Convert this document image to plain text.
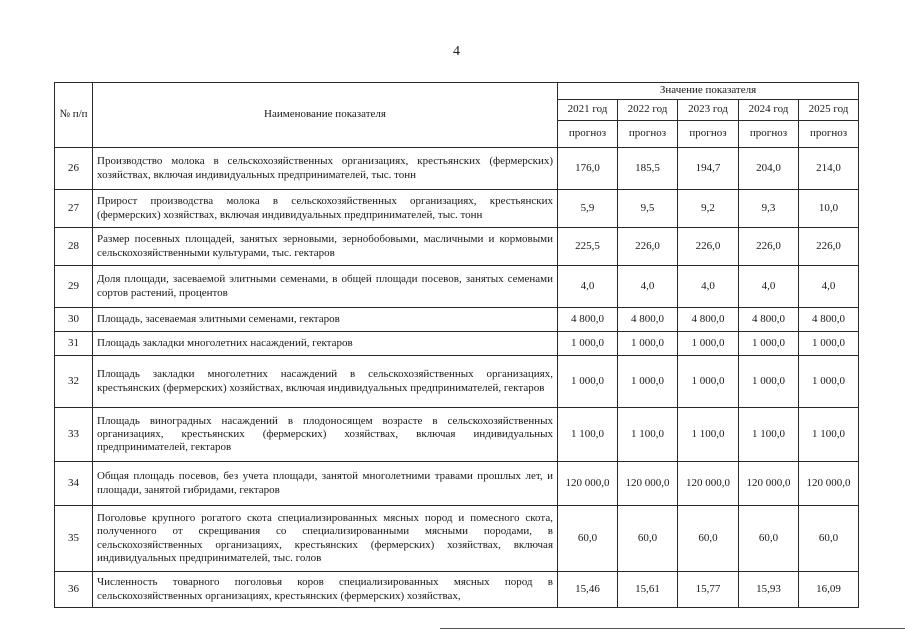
4
№ п/п	Наименование показателя	Значение показателя				
		2021 год	2022 год	2023 год	2024 год	2025 год
		прогноз	прогноз	прогноз	прогноз	прогноз
26	Производство молока в сельскохозяйственных организациях, крестьянских (фермерских) хозяйствах, включая индивидуальных предпринимателей, тыс. тонн	176,0	185,5	194,7	204,0	214,0
27	Прирост производства молока в сельскохозяйственных организациях, крестьянских (фермерских) хозяйствах, включая индивидуальных предпринимателей, тыс. тонн	5,9	9,5	9,2	9,3	10,0
28	Размер посевных площадей, занятых зерновыми, зернобобовыми, масличными и кормовыми сельскохозяйственными культурами, тыс. гектаров	225,5	226,0	226,0	226,0	226,0
29	Доля площади, засеваемой элитными семенами, в общей площади посевов, занятых семенами сортов растений, процентов	4,0	4,0	4,0	4,0	4,0
30	Площадь, засеваемая элитными семенами, гектаров	4 800,0	4 800,0	4 800,0	4 800,0	4 800,0
31	Площадь закладки многолетних насаждений, гектаров	1 000,0	1 000,0	1 000,0	1 000,0	1 000,0
32	Площадь закладки многолетних насаждений в сельскохозяйственных организациях, крестьянских (фермерских) хозяйствах, включая индивидуальных предпринимателей, гектаров	1 000,0	1 000,0	1 000,0	1 000,0	1 000,0
33	Площадь виноградных насаждений в плодоносящем возрасте в сельскохозяйственных организациях, крестьянских (фермерских) хозяйствах, включая индивидуальных предпринимателей, гектаров	1 100,0	1 100,0	1 100,0	1 100,0	1 100,0
34	Общая площадь посевов, без учета площади, занятой многолетними травами прошлых лет, и площади, занятой гибридами, гектаров	120 000,0	120 000,0	120 000,0	120 000,0	120 000,0
35	Поголовье крупного рогатого скота специализированных мясных пород и помесного скота, полученного от скрещивания со специализированными мясными породами, в сельскохозяйственных организациях, крестьянских (фермерских) хозяйствах, включая индивидуальных предпринимателей, тыс. голов	60,0	60,0	60,0	60,0	60,0
36	Численность товарного поголовья коров специализированных мясных пород в сельскохозяйственных организациях, крестьянских (фермерских) хозяйствах,	15,46	15,61	15,77	15,93	16,09
